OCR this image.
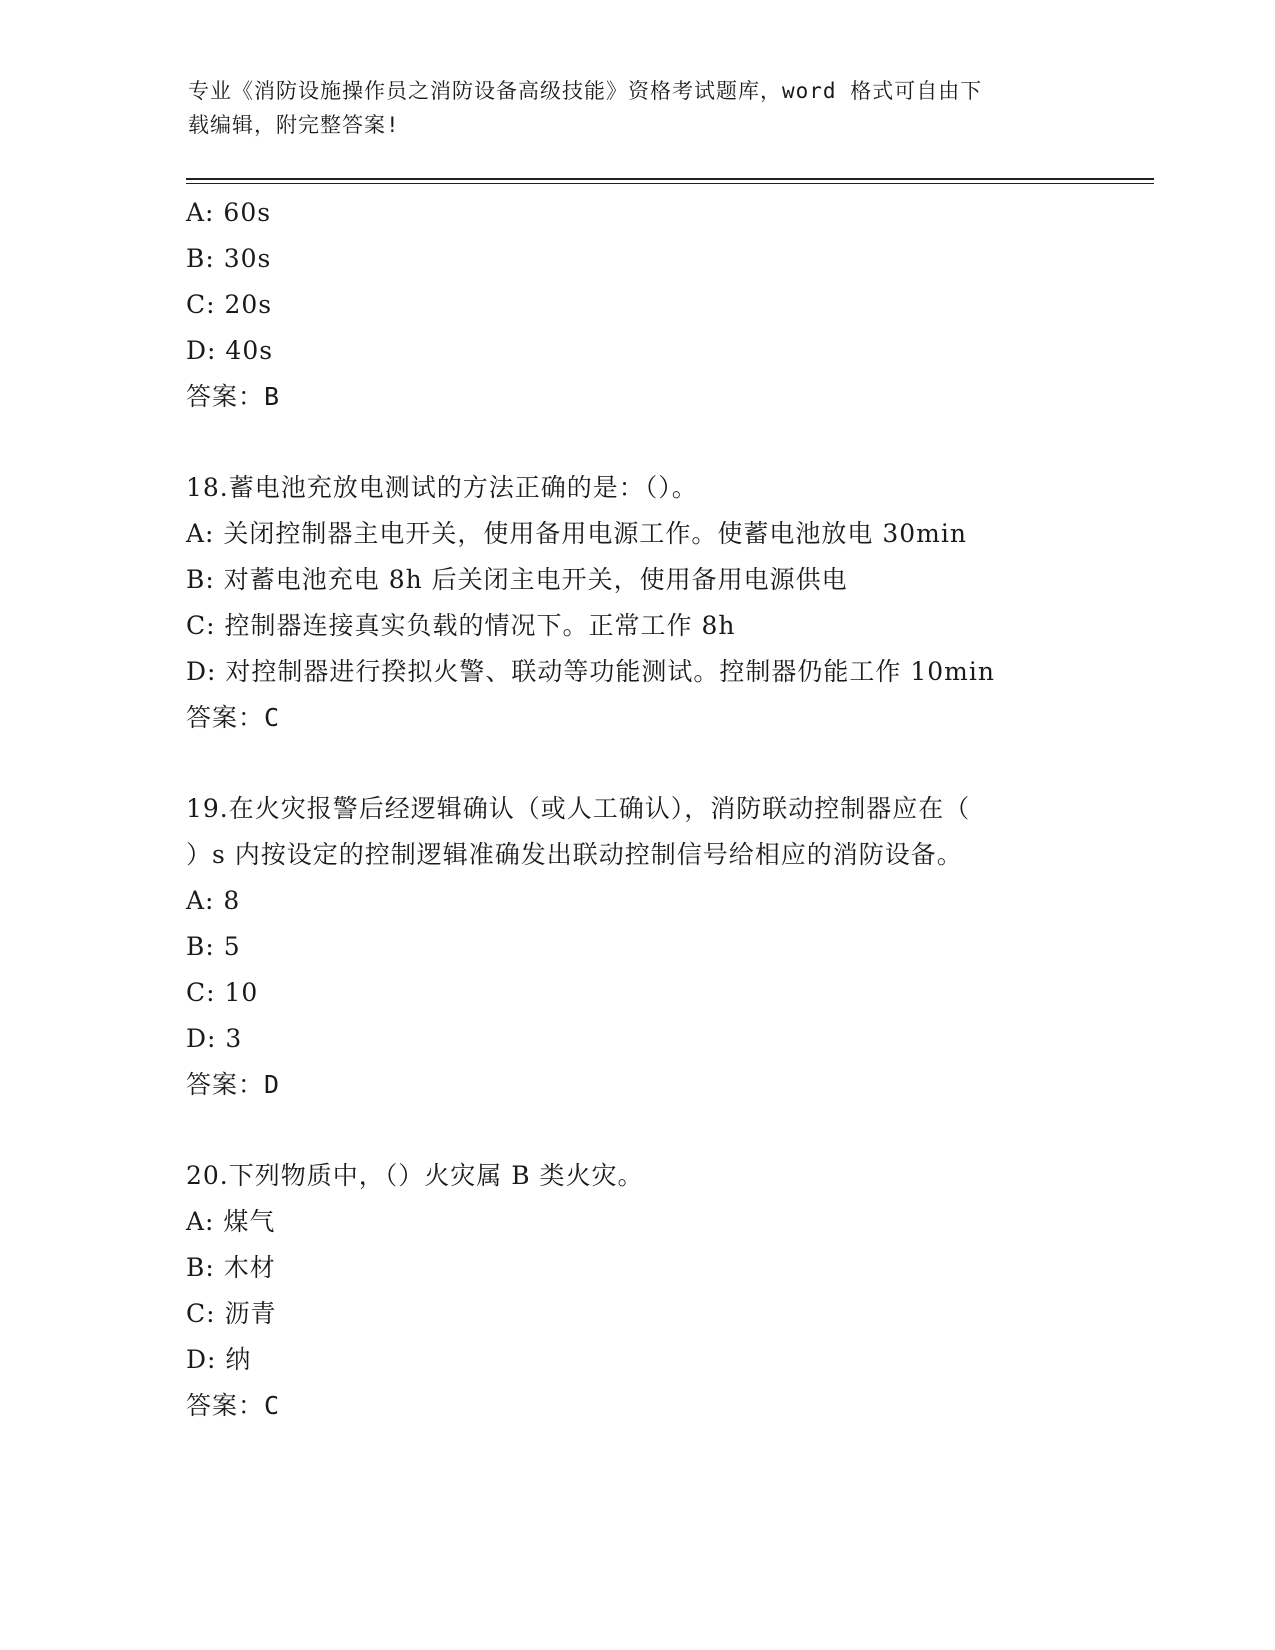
专业《消防设施操作员之消防设备高级技能》资格考试题库，word 格式可自由下
载编辑，附完整答案!
A: 60s
B: 30s
C: 20s
D: 40s
答案：B
18.蓄电池充放电测试的方法正确的是：（）。
A: 关闭控制器主电开关，使用备用电源工作。使蓄电池放电 30min
B: 对蓄电池充电 8h 后关闭主电开关，使用备用电源供电
C: 控制器连接真实负载的情况下。正常工作 8h
D: 对控制器进行揆拟火警、联动等功能测试。控制器仍能工作 10min
答案：C
19.在火灾报警后经逻辑确认（或人工确认），消防联动控制器应在（
）s 内按设定的控制逻辑准确发出联动控制信号给相应的消防设备。
A: 8
B: 5
C: 10
D: 3
答案：D
20.下列物质中，（）火灾属 B 类火灾。
A: 煤气
B: 木材
C: 沥青
D: 纳
答案：C
